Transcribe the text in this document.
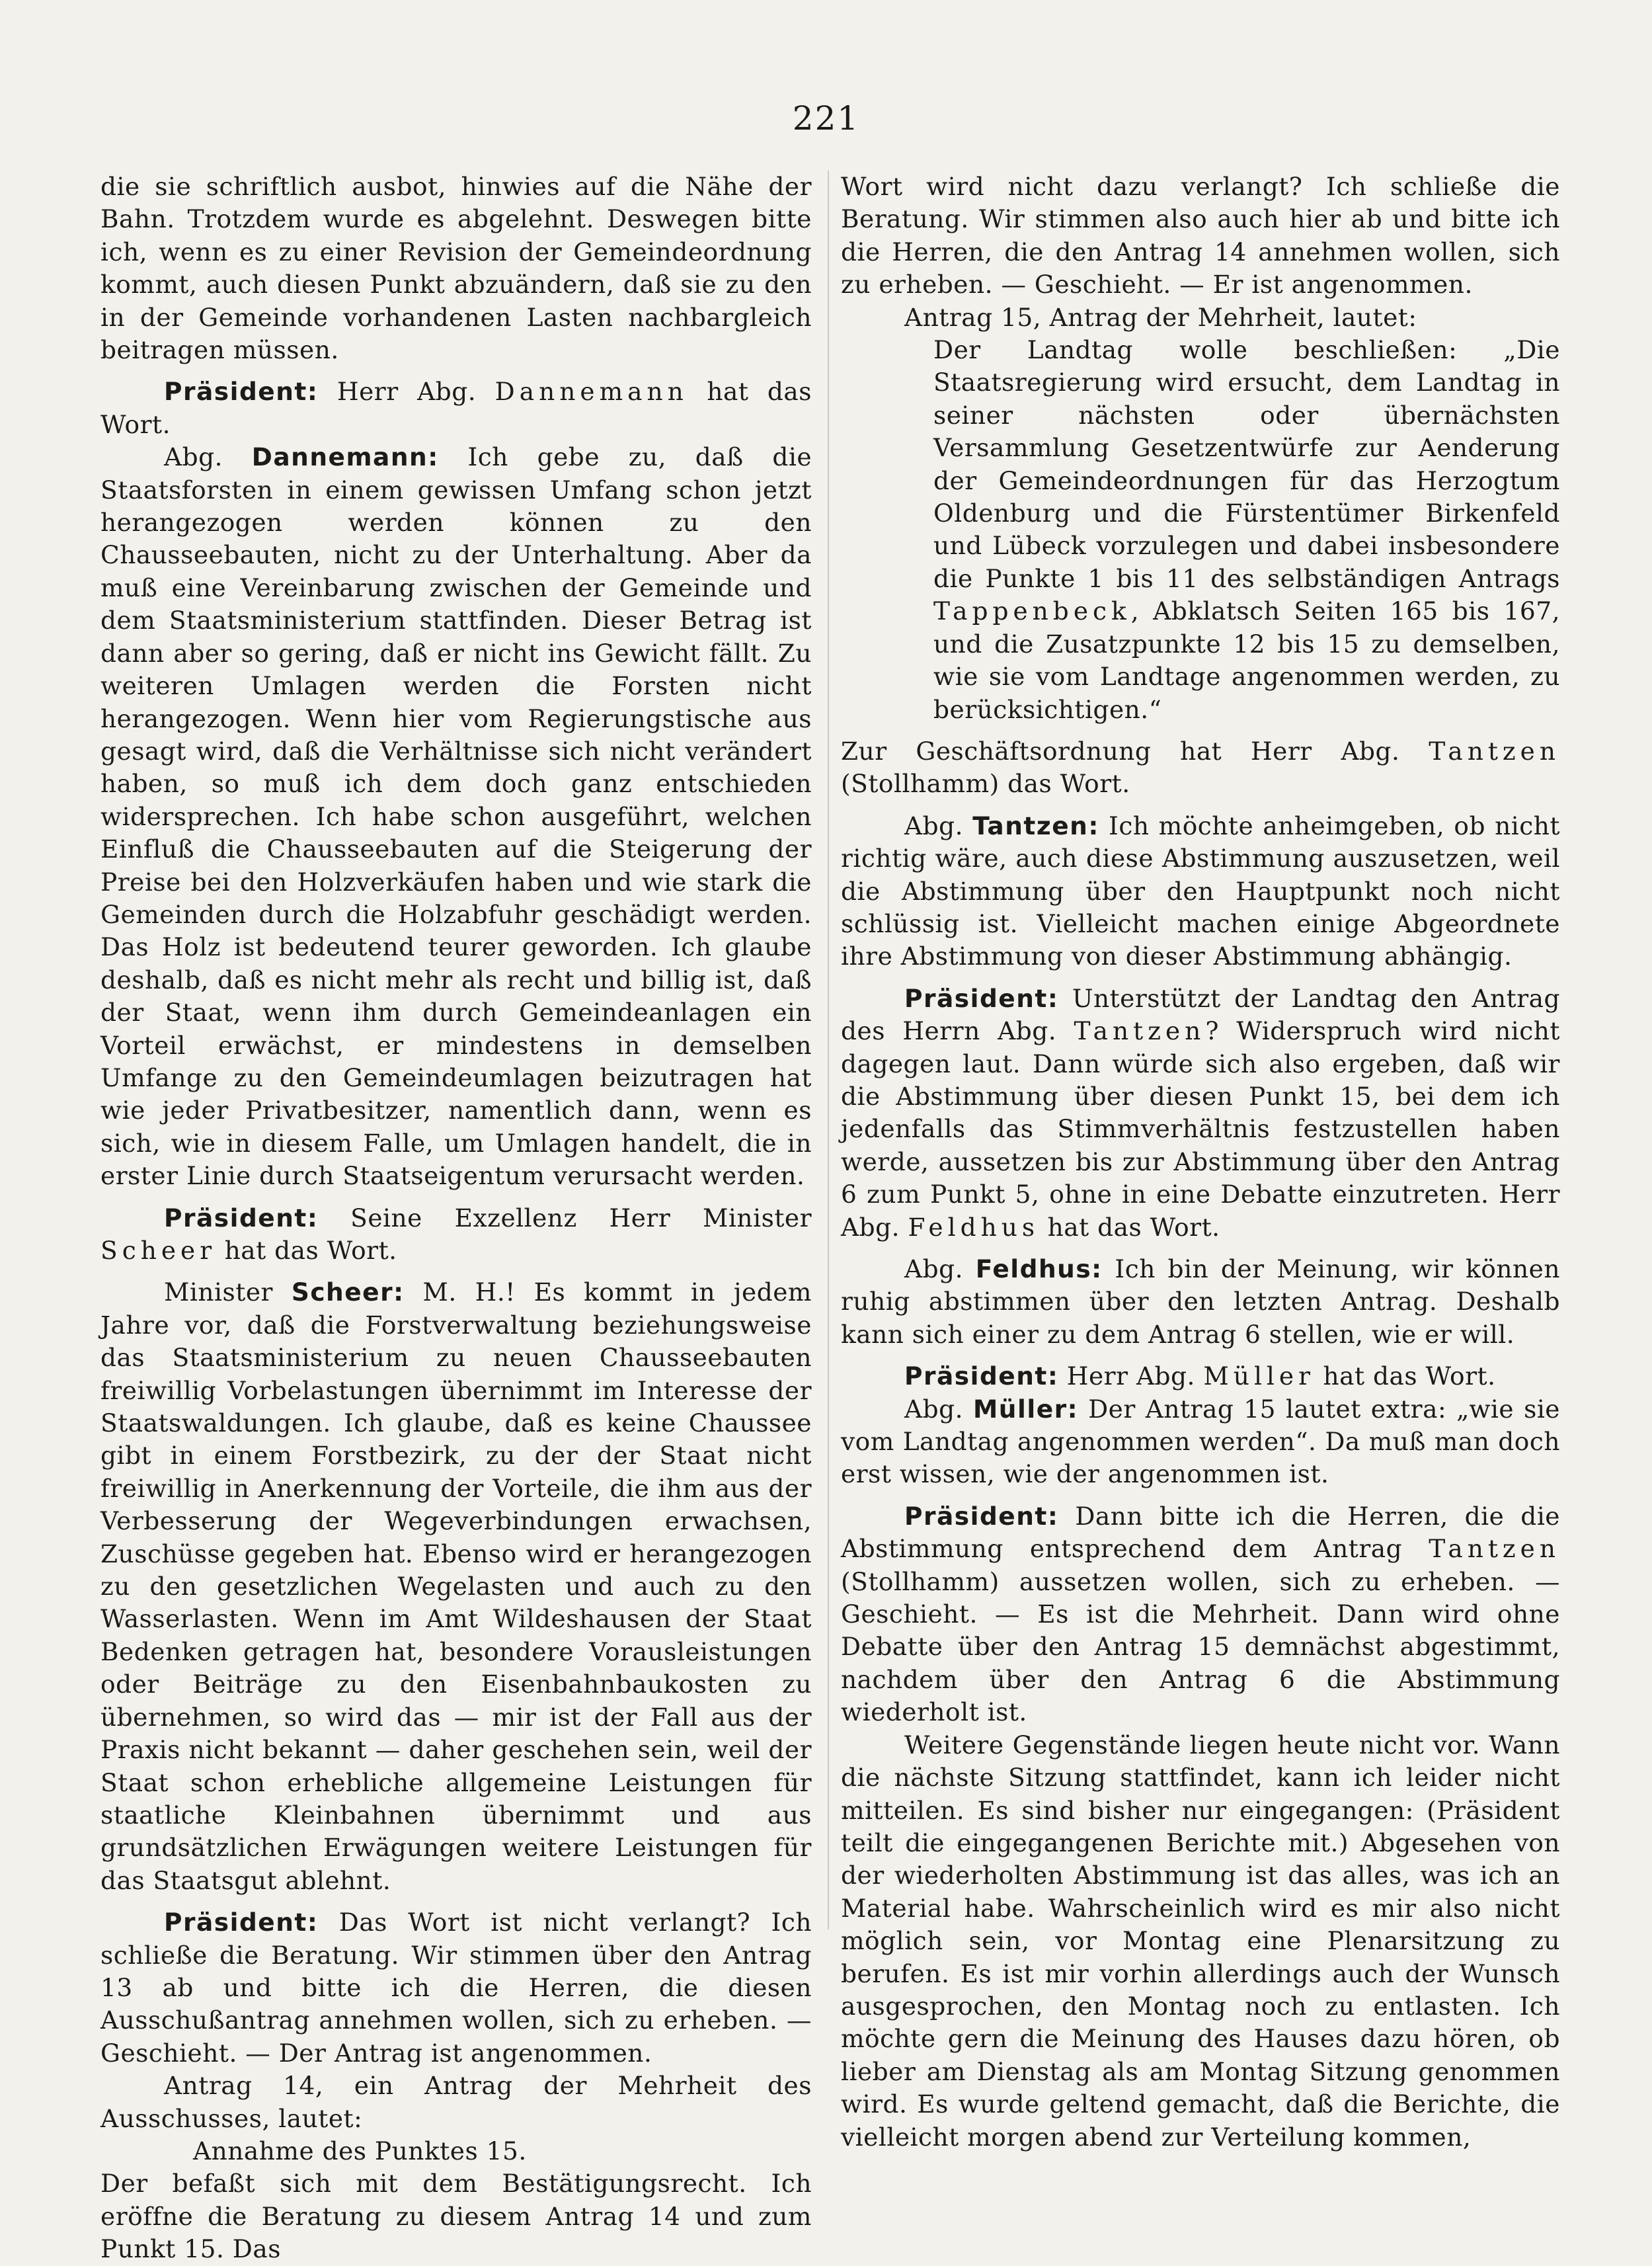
221

die sie schriftlich ausbot, hinwies auf die Nähe der Bahn. Trotzdem wurde es abgelehnt. Deswegen bitte ich, wenn es zu einer Revision der Gemeindeordnung kommt, auch diesen Punkt abzuändern, daß sie zu den in der Gemeinde vorhandenen Lasten nachbargleich beitragen müssen.

Präsident: Herr Abg. Dannemann hat das Wort.

Abg. Dannemann: Ich gebe zu, daß die Staatsforsten in einem gewissen Umfang schon jetzt herangezogen werden können zu den Chausseebauten, nicht zu der Unterhaltung. Aber da muß eine Vereinbarung zwischen der Gemeinde und dem Staatsministerium stattfinden. Dieser Betrag ist dann aber so gering, daß er nicht ins Gewicht fällt. Zu weiteren Umlagen werden die Forsten nicht herangezogen. Wenn hier vom Regierungstische aus gesagt wird, daß die Verhältnisse sich nicht verändert haben, so muß ich dem doch ganz entschieden widersprechen. Ich habe schon ausgeführt, welchen Einfluß die Chausseebauten auf die Steigerung der Preise bei den Holzverkäufen haben und wie stark die Gemeinden durch die Holzabfuhr geschädigt werden. Das Holz ist bedeutend teurer geworden. Ich glaube deshalb, daß es nicht mehr als recht und billig ist, daß der Staat, wenn ihm durch Gemeindeanlagen ein Vorteil erwächst, er mindestens in demselben Umfange zu den Gemeindeumlagen beizutragen hat wie jeder Privatbesitzer, namentlich dann, wenn es sich, wie in diesem Falle, um Umlagen handelt, die in erster Linie durch Staatseigentum verursacht werden.

Präsident: Seine Exzellenz Herr Minister Scheer hat das Wort.

Minister Scheer: M. H.! Es kommt in jedem Jahre vor, daß die Forstverwaltung beziehungsweise das Staatsministerium zu neuen Chausseebauten freiwillig Vorbelastungen übernimmt im Interesse der Staatswaldungen. Ich glaube, daß es keine Chaussee gibt in einem Forstbezirk, zu der der Staat nicht freiwillig in Anerkennung der Vorteile, die ihm aus der Verbesserung der Wegeverbindungen erwachsen, Zuschüsse gegeben hat. Ebenso wird er herangezogen zu den gesetzlichen Wegelasten und auch zu den Wasserlasten. Wenn im Amt Wildeshausen der Staat Bedenken getragen hat, besondere Vorausleistungen oder Beiträge zu den Eisenbahnbaukosten zu übernehmen, so wird das — mir ist der Fall aus der Praxis nicht bekannt — daher geschehen sein, weil der Staat schon erhebliche allgemeine Leistungen für staatliche Kleinbahnen übernimmt und aus grundsätzlichen Erwägungen weitere Leistungen für das Staatsgut ablehnt.

Präsident: Das Wort ist nicht verlangt? Ich schließe die Beratung. Wir stimmen über den Antrag 13 ab und bitte ich die Herren, die diesen Ausschußantrag annehmen wollen, sich zu erheben. — Geschieht. — Der Antrag ist angenommen.

Antrag 14, ein Antrag der Mehrheit des Ausschusses, lautet:

Annahme des Punktes 15.

Der befaßt sich mit dem Bestätigungsrecht. Ich eröffne die Beratung zu diesem Antrag 14 und zum Punkt 15. Das

Wort wird nicht dazu verlangt? Ich schließe die Beratung. Wir stimmen also auch hier ab und bitte ich die Herren, die den Antrag 14 annehmen wollen, sich zu erheben. — Geschieht. — Er ist angenommen.

Antrag 15, Antrag der Mehrheit, lautet:

Der Landtag wolle beschließen: „Die Staatsregierung wird ersucht, dem Landtag in seiner nächsten oder übernächsten Versammlung Gesetzentwürfe zur Aenderung der Gemeindeordnungen für das Herzogtum Oldenburg und die Fürstentümer Birkenfeld und Lübeck vorzulegen und dabei insbesondere die Punkte 1 bis 11 des selbständigen Antrags Tappenbeck, Abklatsch Seiten 165 bis 167, und die Zusatzpunkte 12 bis 15 zu demselben, wie sie vom Landtage angenommen werden, zu berücksichtigen.“

Zur Geschäftsordnung hat Herr Abg. Tantzen (Stollhamm) das Wort.

Abg. Tantzen: Ich möchte anheimgeben, ob nicht richtig wäre, auch diese Abstimmung auszusetzen, weil die Abstimmung über den Hauptpunkt noch nicht schlüssig ist. Vielleicht machen einige Abgeordnete ihre Abstimmung von dieser Abstimmung abhängig.

Präsident: Unterstützt der Landtag den Antrag des Herrn Abg. Tantzen? Widerspruch wird nicht dagegen laut. Dann würde sich also ergeben, daß wir die Abstimmung über diesen Punkt 15, bei dem ich jedenfalls das Stimmverhältnis festzustellen haben werde, aussetzen bis zur Abstimmung über den Antrag 6 zum Punkt 5, ohne in eine Debatte einzutreten. Herr Abg. Feldhus hat das Wort.

Abg. Feldhus: Ich bin der Meinung, wir können ruhig abstimmen über den letzten Antrag. Deshalb kann sich einer zu dem Antrag 6 stellen, wie er will.

Präsident: Herr Abg. Müller hat das Wort.

Abg. Müller: Der Antrag 15 lautet extra: „wie sie vom Landtag angenommen werden“. Da muß man doch erst wissen, wie der angenommen ist.

Präsident: Dann bitte ich die Herren, die die Abstimmung entsprechend dem Antrag Tantzen (Stollhamm) aussetzen wollen, sich zu erheben. — Geschieht. — Es ist die Mehrheit. Dann wird ohne Debatte über den Antrag 15 demnächst abgestimmt, nachdem über den Antrag 6 die Abstimmung wiederholt ist.

Weitere Gegenstände liegen heute nicht vor. Wann die nächste Sitzung stattfindet, kann ich leider nicht mitteilen. Es sind bisher nur eingegangen: (Präsident teilt die eingegangenen Berichte mit.) Abgesehen von der wiederholten Abstimmung ist das alles, was ich an Material habe. Wahrscheinlich wird es mir also nicht möglich sein, vor Montag eine Plenarsitzung zu berufen. Es ist mir vorhin allerdings auch der Wunsch ausgesprochen, den Montag noch zu entlasten. Ich möchte gern die Meinung des Hauses dazu hören, ob lieber am Dienstag als am Montag Sitzung genommen wird. Es wurde geltend gemacht, daß die Berichte, die vielleicht morgen abend zur Verteilung kommen,
